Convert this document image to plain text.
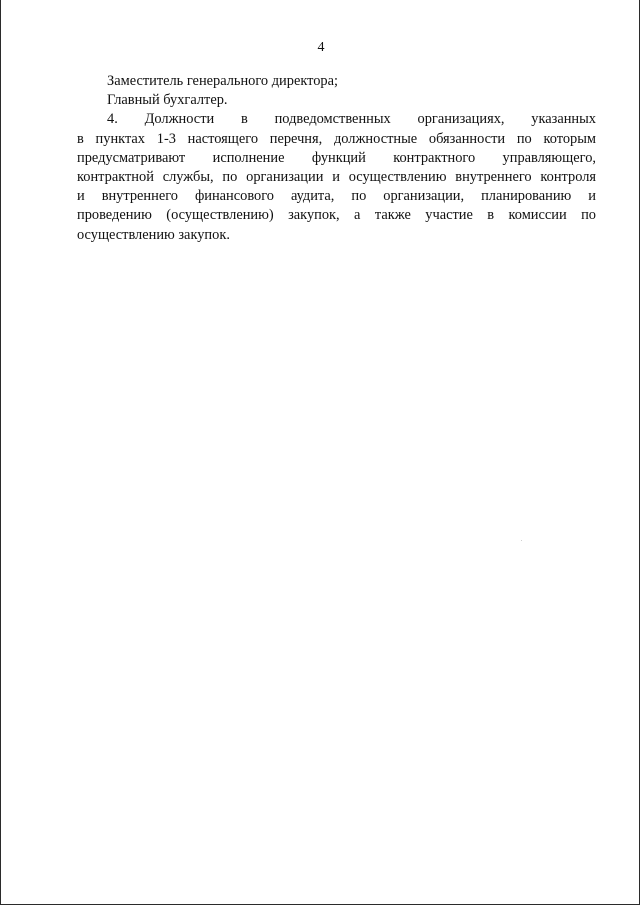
4

Заместитель генерального директора;

Главный бухгалтер.

4. Должности в подведомственных организациях, указанных
в пунктах 1-3 настоящего перечня, должностные обязанности по которым
предусматривают исполнение функций контрактного управляющего,
контрактной службы, по организации и осуществлению внутреннего контроля
и внутреннего финансового аудита, по организации, планированию и
проведению (осуществлению) закупок, а также участие в комиссии по
осуществлению закупок.
